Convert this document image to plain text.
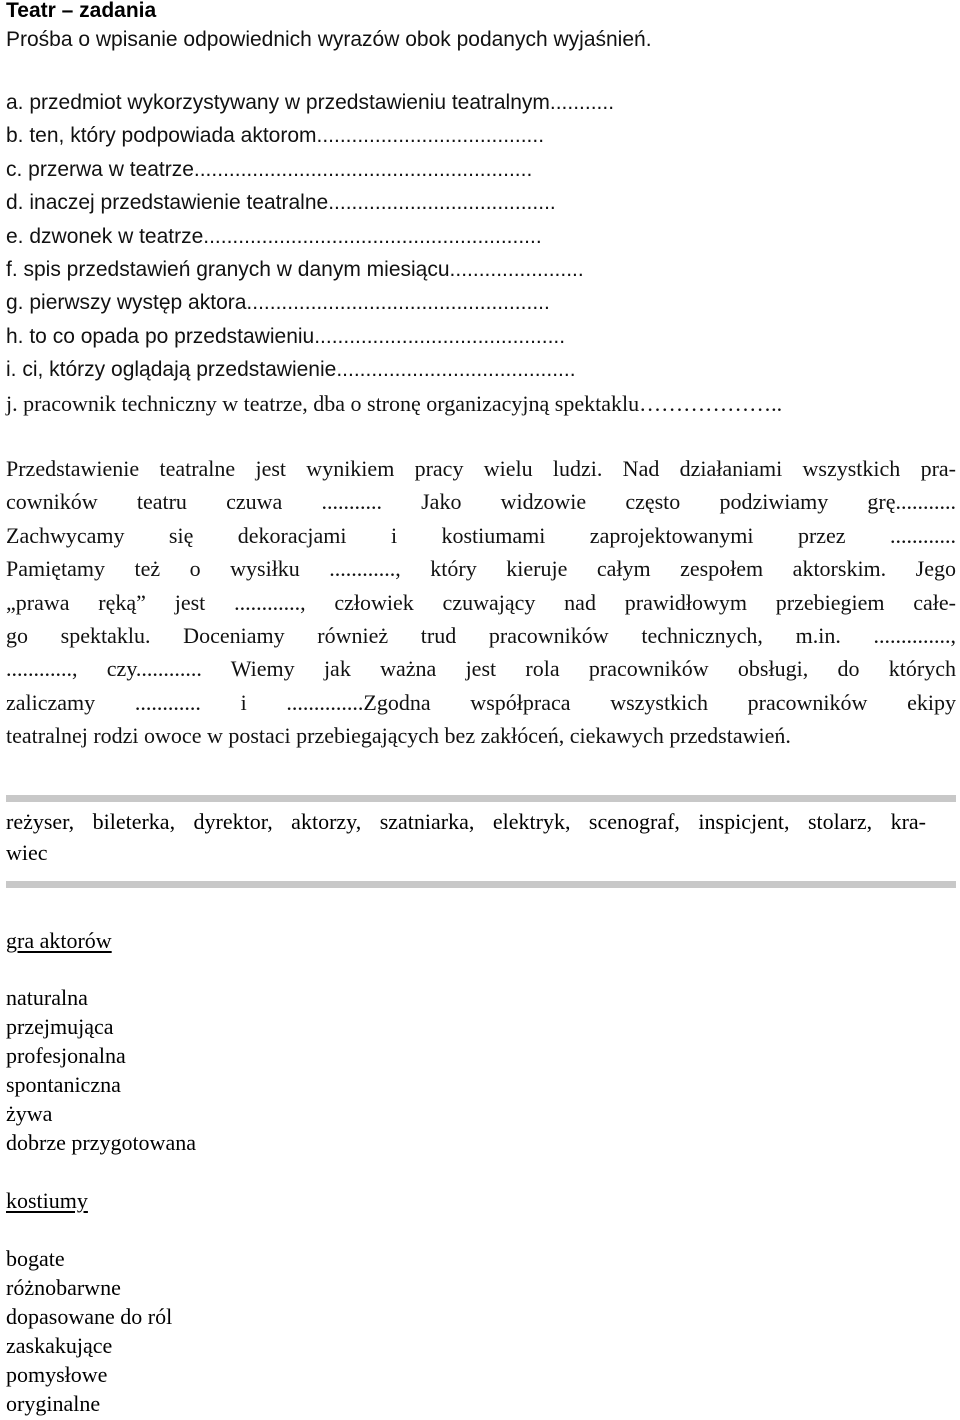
Teatr – zadania
Prośba o wpisanie odpowiednich wyrazów obok podanych wyjaśnień.
a. przedmiot wykorzystywany w przedstawieniu teatralnym...........
b. ten, który podpowiada aktorom.......................................
c. przerwa w teatrze..........................................................
d. inaczej przedstawienie teatralne.......................................
e. dzwonek w teatrze..........................................................
f. spis przedstawień granych w danym miesiącu.......................
g. pierwszy występ aktora....................................................
h. to co opada po przedstawieniu...........................................
i. ci, którzy oglądają przedstawienie.........................................
j. pracownik techniczny w teatrze, dba o stronę organizacyjną spektaklu………………..
Przedstawienie teatralne jest wynikiem pracy wielu ludzi. Nad działaniami wszystkich pra-
cowników teatru czuwa ........... Jako widzowie często podziwiamy grę...........
Zachwycamy się dekoracjami i kostiumami zaprojektowanymi przez ............
Pamiętamy też o wysiłku ............, który kieruje całym zespołem aktorskim. Jego
„prawa ręką” jest ............, człowiek czuwający nad prawidłowym przebiegiem całe-
go spektaklu. Doceniamy również trud pracowników technicznych, m.in. ..............,
............, czy............ Wiemy jak ważna jest rola pracowników obsługi, do których
zaliczamy ............ i ..............Zgodna współpraca wszystkich pracowników ekipy
teatralnej rodzi owoce w postaci przebiegających bez zakłóceń, ciekawych przedstawień.
reżyser, bileterka, dyrektor, aktorzy, szatniarka, elektryk, scenograf, inspicjent, stolarz, kra-
wiec
gra aktorów
naturalna
przejmująca
profesjonalna
spontaniczna
żywa
dobrze przygotowana
kostiumy
bogate
różnobarwne
dopasowane do ról
zaskakujące
pomysłowe
oryginalne
